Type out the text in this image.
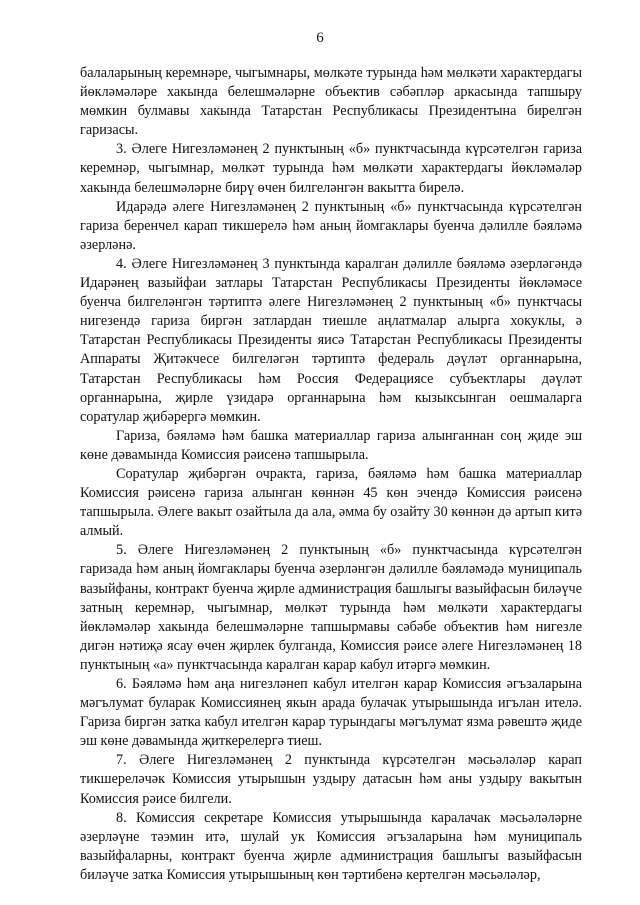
6

балаларының керемнәре, чыгымнары, мөлкәте турында һәм мөлкәти характердагы йөкләмәләре хакында белешмәләрне объектив сәбәпләр аркасында тапшыру мөмкин булмавы хакында Татарстан Республикасы Президентына бирелгән гаризасы.

3. Әлеге Нигезләмәнең 2 пунктының «б» пунктчасында күрсәтелгән гариза керемнәр, чыгымнар, мөлкәт турында һәм мөлкәти характердагы йөкләмәләр хакында белешмәләрне бирү өчен билгеләнгән вакытта бирелә.

Идарәдә әлеге Нигезләмәнең 2 пунктының «б» пунктчасында күрсәтелгән гариза беренчел карап тикшерелә һәм аның йомгаклары буенча дәлилле бәяләмә әзерләнә.

4. Әлеге Нигезләмәнең 3 пунктында каралган дәлилле бәяләмә әзерләгәндә Идарәнең вазыйфаи затлары Татарстан Республикасы Президенты йөкләмәсе буенча билгеләнгән тәртиптә әлеге Нигезләмәнең 2 пунктының «б» пунктчасы нигезендә гариза биргән затлардан тиешле аңлатмалар алырга хокуклы, ә Татарстан Республикасы Президенты яисә Татарстан Республикасы Президенты Аппараты Җитәкчесе билгеләгән тәртиптә федераль дәүләт органнарына, Татарстан Республикасы һәм Россия Федерациясе субъектлары дәүләт органнарына, җирле үзидарә органнарына һәм кызыксынган оешмаларга соратулар җибәрергә мөмкин.

Гариза, бәяләмә һәм башка материаллар гариза алынганнан соң җиде эш көне дәвамында Комиссия рәисенә тапшырыла.

Соратулар җибәргән очракта, гариза, бәяләмә һәм башка материаллар Комиссия рәисенә гариза алынган көннән 45 көн эчендә Комиссия рәисенә тапшырыла. Әлеге вакыт озайтыла да ала, әмма бу озайту 30 көннән дә артып китә алмый.

5. Әлеге Нигезләмәнең 2 пунктының «б» пунктчасында күрсәтелгән гаризада һәм аның йомгаклары буенча әзерләнгән дәлилле бәяләмәдә муниципаль вазыйфаны, контракт буенча җирле администрация башлыгы вазыйфасын биләүче затның керемнәр, чыгымнар, мөлкәт турында һәм мөлкәти характердагы йөкләмәләр хакында белешмәләрне тапшырмавы сәбәбе объектив һәм нигезле дигән нәтиҗә ясау өчен җирлек булганда, Комиссия рәисе әлеге Нигезләмәнең 18 пунктының «а» пунктчасында каралган карар кабул итәргә мөмкин.

6. Бәяләмә һәм аңа нигезләнеп кабул ителгән карар Комиссия әгъзаларына мәгълумат буларак Комиссиянең якын арада булачак утырышында игълан ителә. Гариза биргән затка кабул ителгән карар турындагы мәгълумат язма рәвештә җиде эш көне дәвамында җиткерелергә тиеш.

7. Әлеге Нигезләмәнең 2 пунктында күрсәтелгән мәсьәләләр карап тикшереләчәк Комиссия утырышын уздыру датасын һәм аны уздыру вакытын Комиссия рәисе билгели.

8. Комиссия секретаре Комиссия утырышында каралачак мәсьәләләрне әзерләүне тәэмин итә, шулай ук Комиссия әгъзаларына һәм муниципаль вазыйфаларны, контракт буенча җирле администрация башлыгы вазыйфасын биләүче затка Комиссия утырышының көн тәртибенә кертелгән мәсьәләләр,
